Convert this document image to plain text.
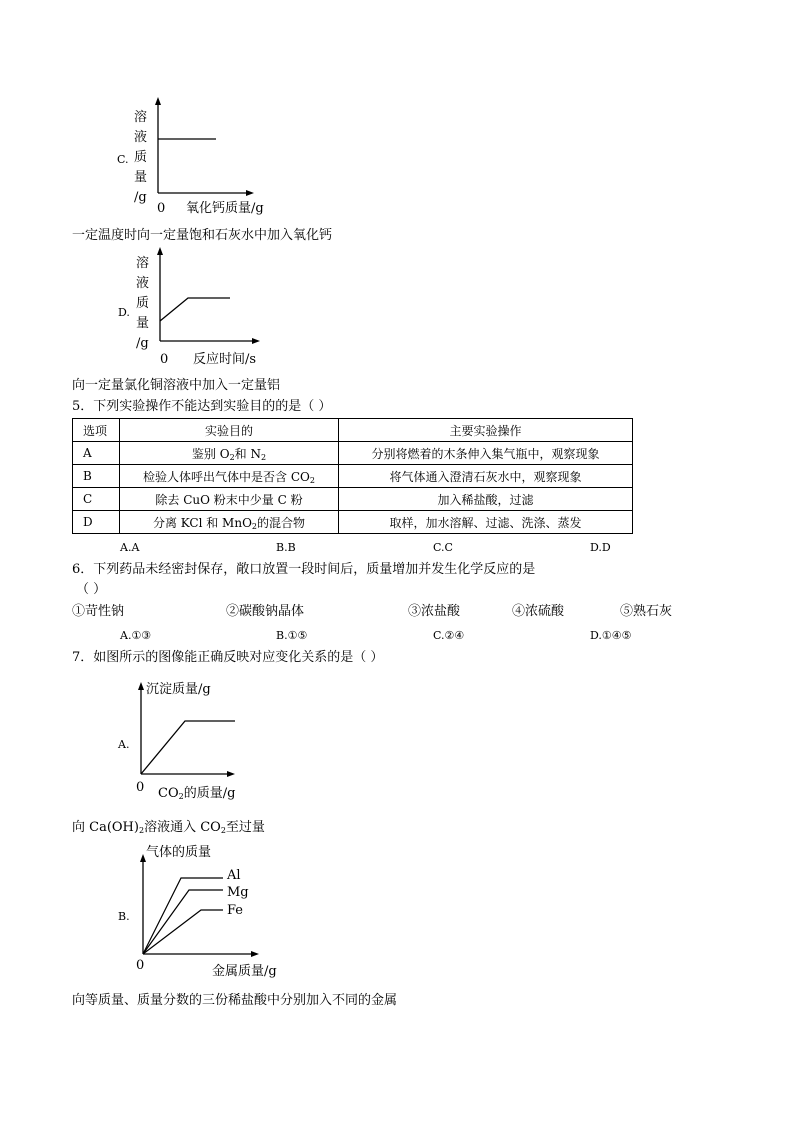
溶
液
质
量
/g
C.
0 氧化钙质量/g
一定温度时向一定量饱和石灰水中加入氧化钙
溶
液
质
量
/g
D.
0 反应时间/s
向一定量氯化铜溶液中加入一定量铝
5．下列实验操作不能达到实验目的的是（ ）
选项	实验目的	主要实验操作
A	鉴别 $O_2$和 $N_2$	分别将燃着的木条伸入集气瓶中，观察现象
B	检验人体呼出气体中是否含 $CO_2$	将气体通入澄清石灰水中，观察现象
C	除去 CuO 粉末中少量 C 粉	加入稀盐酸，过滤
D	分离 KCl 和 MnO$_2$的混合物	取样，加水溶解、过滤、洗涤、蒸发
A.A	B.B	C.C	D.D
6．下列药品未经密封保存，敞口放置一段时间后，质量增加并发生化学反应的是
（ ）
①苛性钠	②碳酸钠晶体	③浓盐酸	④浓硫酸	⑤熟石灰
A.①③	B.①⑤	C.②④	D.①④⑤
7．如图所示的图像能正确反映对应变化关系的是（ ）
沉淀质量/g
A.
0 $CO_2$的质量/g
向 $Ca(OH)_2$溶液通入 $CO_2$至过量
气体的质量
B.
Al
Mg
Fe
0	金属质量/g
向等质量、质量分数的三份稀盐酸中分别加入不同的金属
